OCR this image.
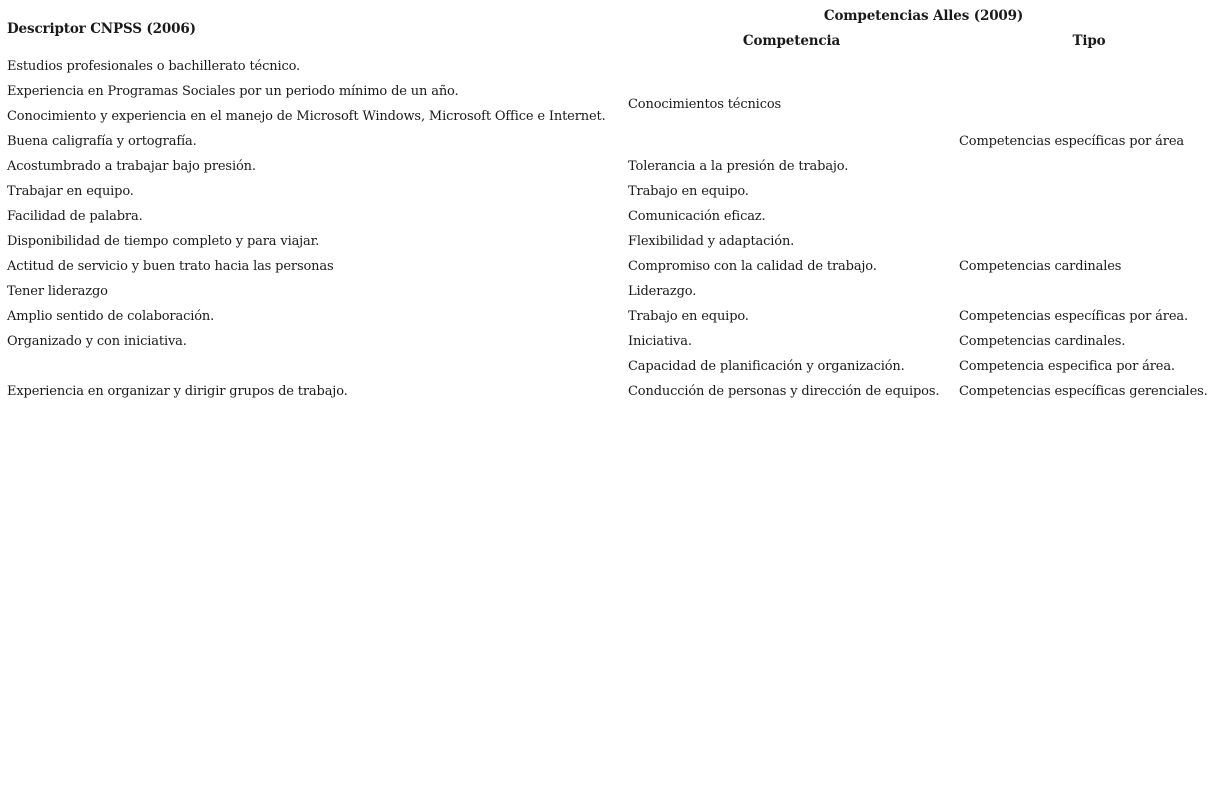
Descriptor CNPSS (2006)	Competencias Alles (2009)	
	Competencia	Tipo
Estudios profesionales o bachillerato técnico.		
Experiencia en Programas Sociales por un periodo mínimo de un año.	Conocimientos técnicos	
Conocimiento y experiencia en el manejo de Microsoft Windows, Microsoft Office e Internet.		
Buena caligrafía y ortografía.		Competencias específicas por área
Acostumbrado a trabajar bajo presión.	Tolerancia a la presión de trabajo.	
Trabajar en equipo.	Trabajo en equipo.	
Facilidad de palabra.	Comunicación eficaz.	
Disponibilidad de tiempo completo y para viajar.	Flexibilidad y adaptación.	
Actitud de servicio y buen trato hacia las personas	Compromiso con la calidad de trabajo.	Competencias cardinales
Tener liderazgo	Liderazgo.	
Amplio sentido de colaboración.	Trabajo en equipo.	Competencias específicas por área.
Organizado y con iniciativa.	Iniciativa.	Competencias cardinales.
	Capacidad de planificación y organización.	Competencia especifica por área.
Experiencia en organizar y dirigir grupos de trabajo.	Conducción de personas y dirección de equipos.	Competencias específicas gerenciales.
